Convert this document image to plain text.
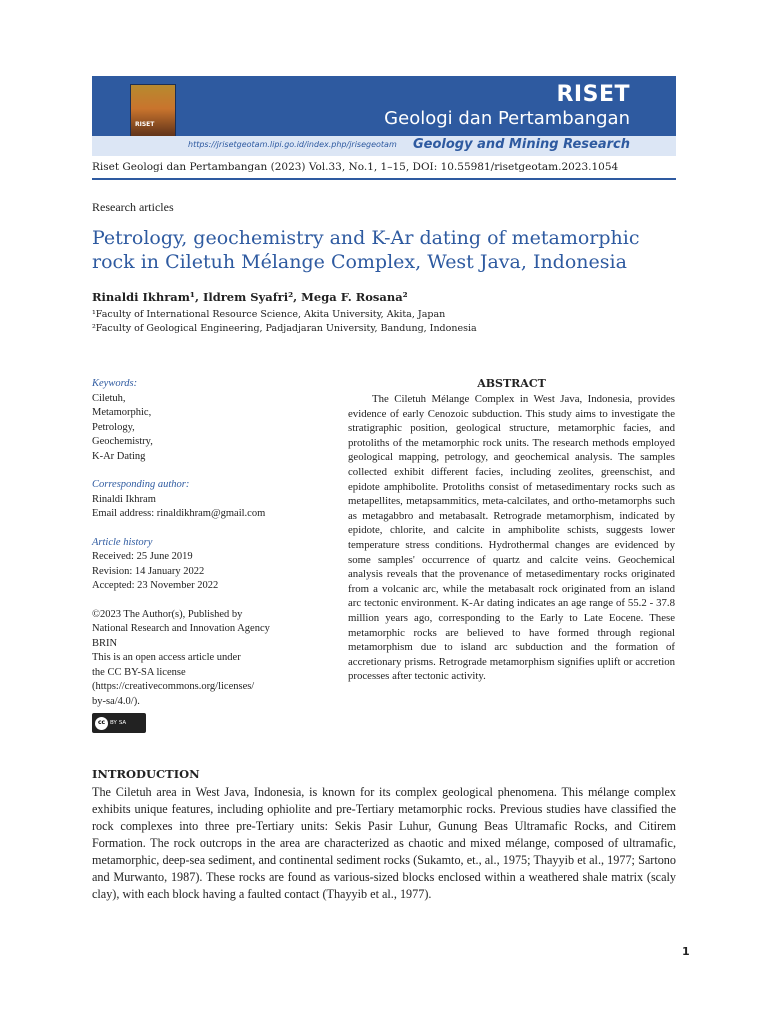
RISET
RISET
Geologi dan Pertambangan
https://jrisetgeotam.lipi.go.id/index.php/jrisegeotam Geology and Mining Research
Riset Geologi dan Pertambangan (2023) Vol.33, No.1, 1–15, DOI: 10.55981/risetgeotam.2023.1054
Research articles
Petrology, geochemistry and K-Ar dating of metamorphic rock in Ciletuh Mélange Complex, West Java, Indonesia
Rinaldi Ikhram¹, Ildrem Syafri², Mega F. Rosana²
¹Faculty of International Resource Science, Akita University, Akita, Japan
²Faculty of Geological Engineering, Padjadjaran University, Bandung, Indonesia
Keywords:
Ciletuh,
Metamorphic,
Petrology,
Geochemistry,
K-Ar Dating
Corresponding author:
Rinaldi Ikhram
Email address: rinaldikhram@gmail.com
Article history
Received: 25 June 2019
Revision: 14 January 2022
Accepted: 23 November 2022
©2023 The Author(s), Published by
National Research and Innovation Agency
BRIN
This is an open access article under
the CC BY-SA license
(https://creativecommons.org/licenses/
by-sa/4.0/).
cc BY SA
ABSTRACT

The Ciletuh Mélange Complex in West Java, Indonesia, provides evidence of early Cenozoic subduction. This study aims to investigate the stratigraphic position, geological structure, metamorphic facies, and protoliths of the metamorphic rock units. The research methods employed geological mapping, petrology, and geochemical analysis. The samples collected exhibit different facies, including zeolites, greenschist, and epidote amphibolite. Protoliths consist of metasedimentary rocks such as metapellites, metapsammitics, meta-calcilates, and ortho-metamorphs such as metagabbro and metabasalt. Retrograde metamorphism, indicated by epidote, chlorite, and calcite in amphibolite schists, suggests lower temperature stress conditions. Hydrothermal changes are evidenced by some samples' occurrence of quartz and calcite veins. Geochemical analysis reveals that the provenance of metasedimentary rocks originated from a volcanic arc, while the metabasalt rock originated from an island arc tectonic environment. K-Ar dating indicates an age range of 55.2 - 37.8 million years ago, corresponding to the Early to Late Eocene. These metamorphic rocks are believed to have formed through regional metamorphism due to island arc subduction and the formation of accretionary prisms. Retrograde metamorphism signifies uplift or accretion processes after tectonic activity.

INTRODUCTION

The Ciletuh area in West Java, Indonesia, is known for its complex geological phenomena. This mélange complex exhibits unique features, including ophiolite and pre-Tertiary metamorphic rocks. Previous studies have classified the rock complexes into three pre-Tertiary units: Sekis Pasir Luhur, Gunung Beas Ultramafic Rocks, and Citirem Formation. The rock outcrops in the area are characterized as chaotic and mixed mélange, composed of ultramafic, metamorphic, deep-sea sediment, and continental sediment rocks (Sukamto, et., al., 1975; Thayyib et al., 1977; Sartono and Murwanto, 1987). These rocks are found as various-sized blocks enclosed within a weathered shale matrix (scaly clay), with each block having a faulted contact (Thayyib et al., 1977).

1
